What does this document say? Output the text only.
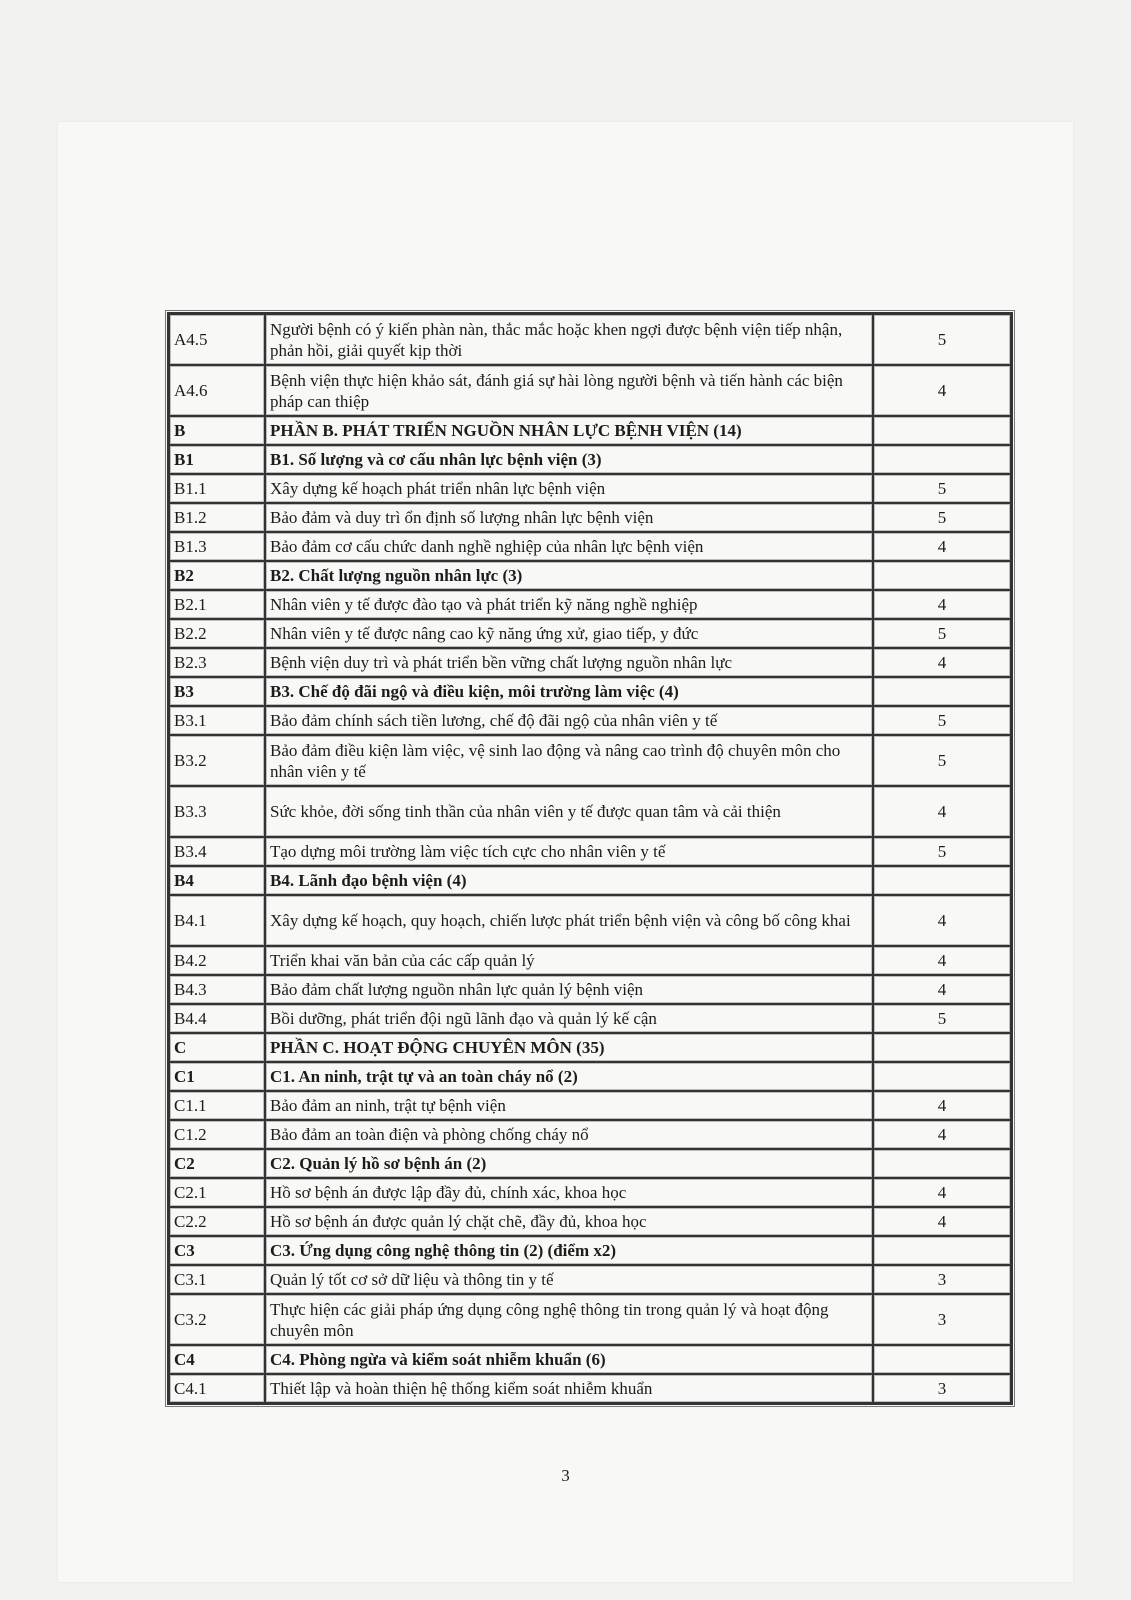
A4.5	Người bệnh có ý kiến phàn nàn, thắc mắc hoặc khen ngợi được bệnh viện tiếp nhận, phản hồi, giải quyết kịp thời	5
A4.6	Bệnh viện thực hiện khảo sát, đánh giá sự hài lòng người bệnh và tiến hành các biện pháp can thiệp	4
B	PHẦN B. PHÁT TRIỂN NGUỒN NHÂN LỰC BỆNH VIỆN (14)	
B1	B1. Số lượng và cơ cấu nhân lực bệnh viện (3)	
B1.1	Xây dựng kế hoạch phát triển nhân lực bệnh viện	5
B1.2	Bảo đảm và duy trì ổn định số lượng nhân lực bệnh viện	5
B1.3	Bảo đảm cơ cấu chức danh nghề nghiệp của nhân lực bệnh viện	4
B2	B2. Chất lượng nguồn nhân lực (3)	
B2.1	Nhân viên y tế được đào tạo và phát triển kỹ năng nghề nghiệp	4
B2.2	Nhân viên y tế được nâng cao kỹ năng ứng xử, giao tiếp, y đức	5
B2.3	Bệnh viện duy trì và phát triển bền vững chất lượng nguồn nhân lực	4
B3	B3. Chế độ đãi ngộ và điều kiện, môi trường làm việc (4)	
B3.1	Bảo đảm chính sách tiền lương, chế độ đãi ngộ của nhân viên y tế	5
B3.2	Bảo đảm điều kiện làm việc, vệ sinh lao động và nâng cao trình độ chuyên môn cho nhân viên y tế	5
B3.3	Sức khỏe, đời sống tinh thần của nhân viên y tế được quan tâm và cải thiện	4
B3.4	Tạo dựng môi trường làm việc tích cực cho nhân viên y tế	5
B4	B4. Lãnh đạo bệnh viện (4)	
B4.1	Xây dựng kế hoạch, quy hoạch, chiến lược phát triển bệnh viện và công bố công khai	4
B4.2	Triển khai văn bản của các cấp quản lý	4
B4.3	Bảo đảm chất lượng nguồn nhân lực quản lý bệnh viện	4
B4.4	Bồi dưỡng, phát triển đội ngũ lãnh đạo và quản lý kế cận	5
C	PHẦN C. HOẠT ĐỘNG CHUYÊN MÔN (35)	
C1	C1. An ninh, trật tự và an toàn cháy nổ (2)	
C1.1	Bảo đảm an ninh, trật tự bệnh viện	4
C1.2	Bảo đảm an toàn điện và phòng chống cháy nổ	4
C2	C2. Quản lý hồ sơ bệnh án (2)	
C2.1	Hồ sơ bệnh án được lập đầy đủ, chính xác, khoa học	4
C2.2	Hồ sơ bệnh án được quản lý chặt chẽ, đầy đủ, khoa học	4
C3	C3. Ứng dụng công nghệ thông tin (2) (điểm x2)	
C3.1	Quản lý tốt cơ sở dữ liệu và thông tin y tế	3
C3.2	Thực hiện các giải pháp ứng dụng công nghệ thông tin trong quản lý và hoạt động chuyên môn	3
C4	C4. Phòng ngừa và kiểm soát nhiễm khuẩn (6)	
C4.1	Thiết lập và hoàn thiện hệ thống kiểm soát nhiễm khuẩn	3
3
